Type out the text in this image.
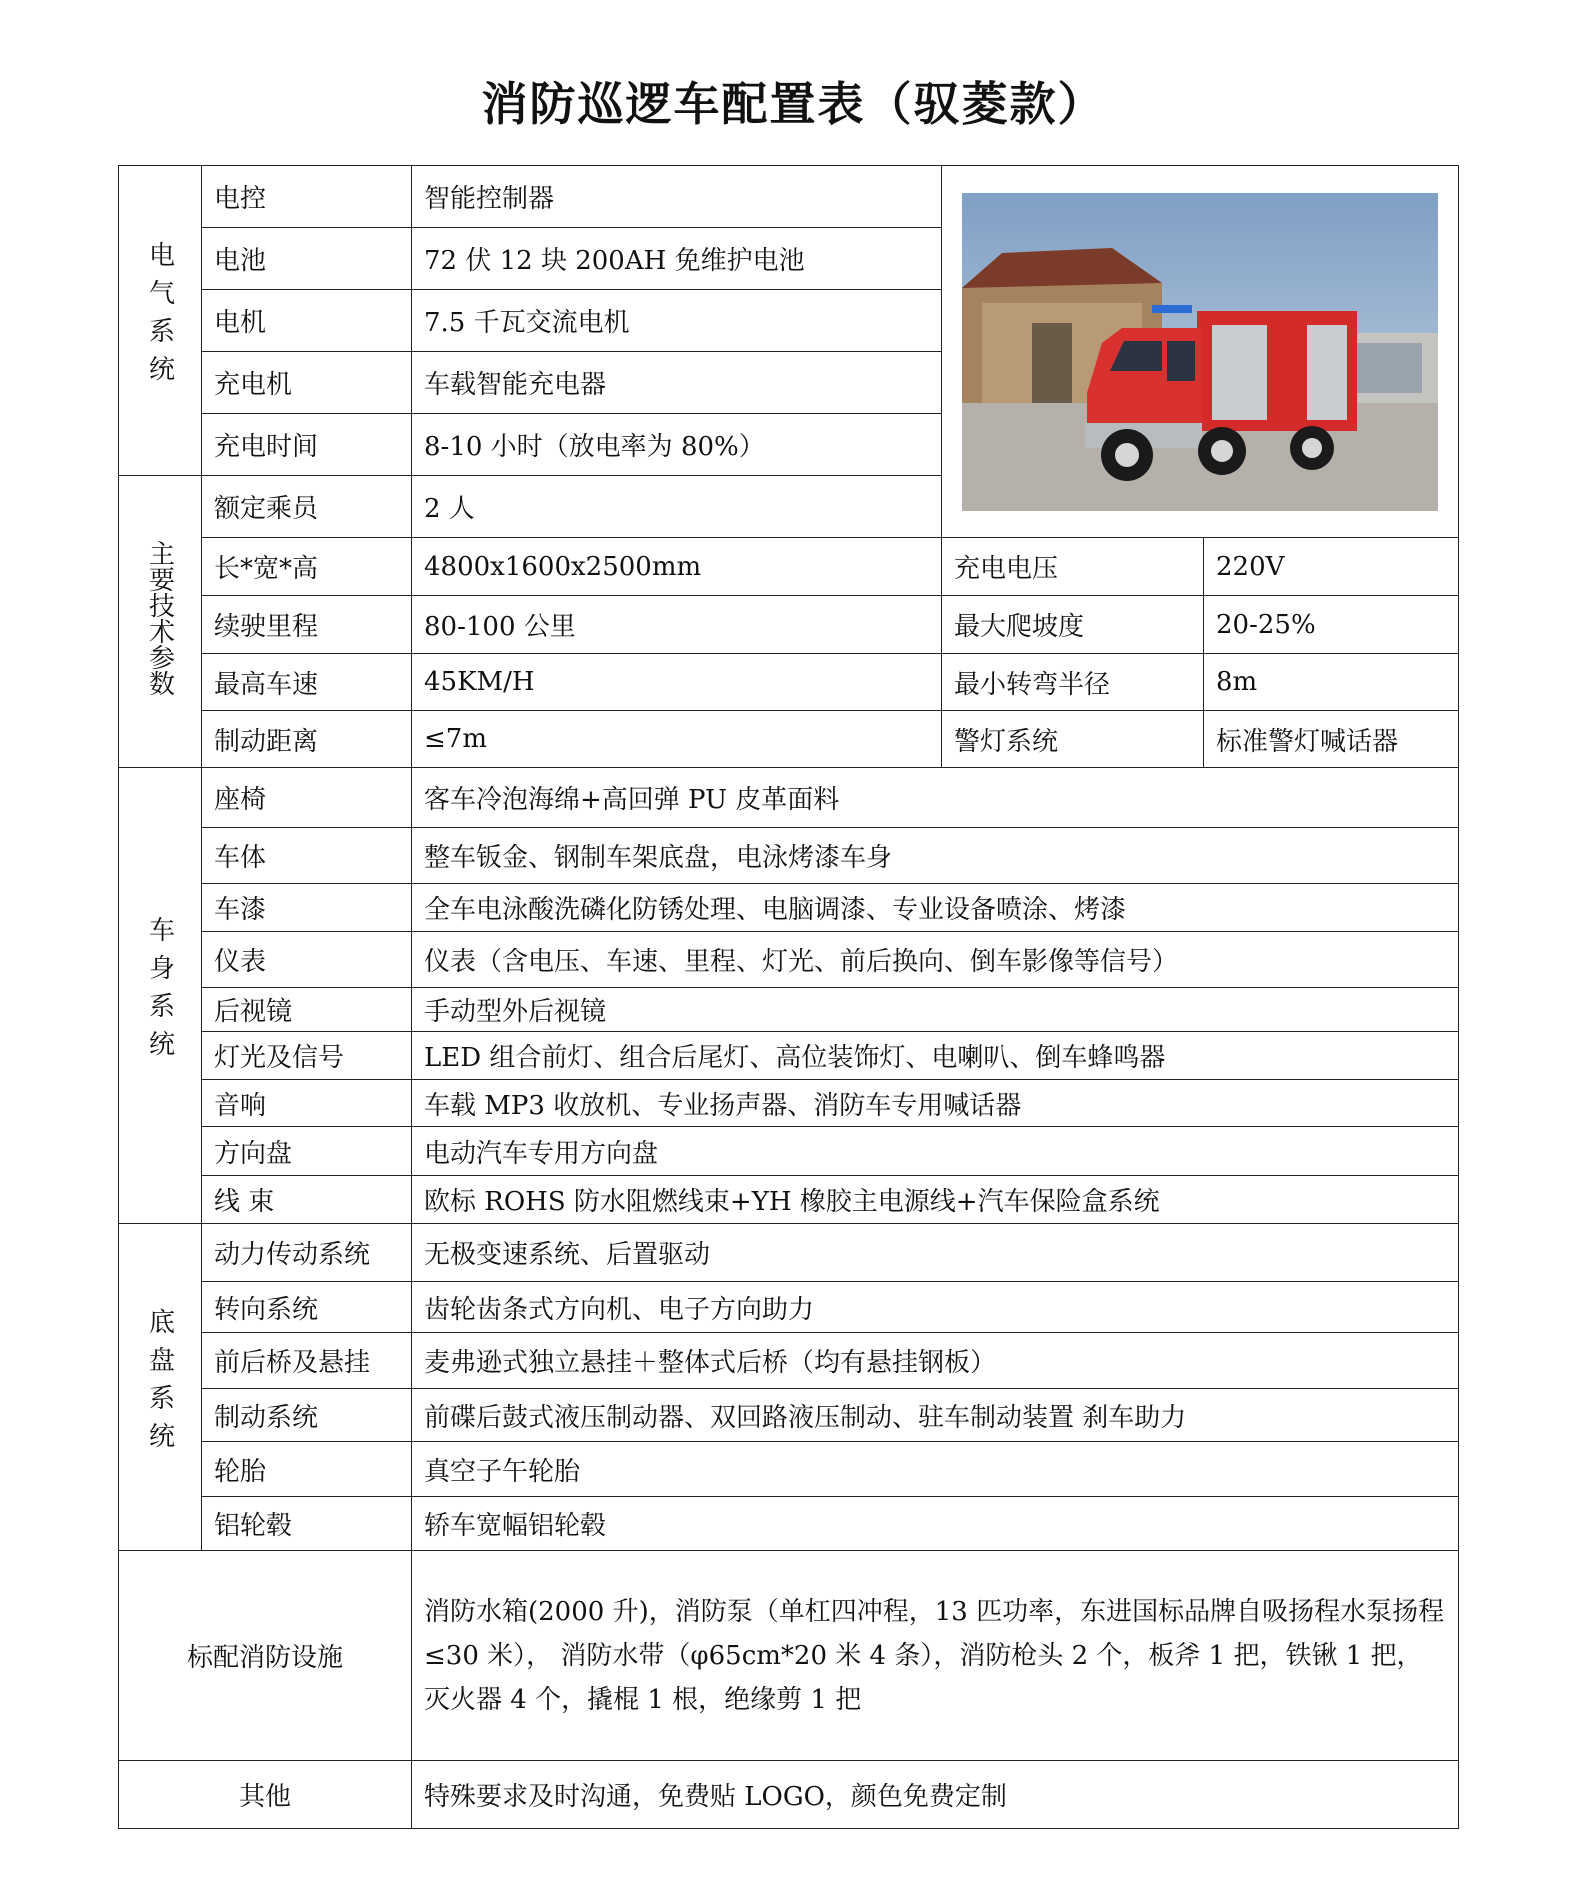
消防巡逻车配置表（驭菱款）
电气系统	电控	智能控制器	

	电池	72 伏 12 块 200AH 免维护电池		
	电机	7.5 千瓦交流电机		
	充电机	车载智能充电器		
	充电时间	8-10 小时（放电率为 80%）		
主要技术参数	额定乘员	2 人		
	长*宽*高	4800x1600x2500mm	充电电压	220V
	续驶里程	80-100 公里	最大爬坡度	20-25%
	最高车速	45KM/H	最小转弯半径	8m
	制动距离	≤7m	警灯系统	标准警灯喊话器
车身系统	座椅	客车冷泡海绵+高回弹 PU 皮革面料		
	车体	整车钣金、钢制车架底盘，电泳烤漆车身		
	车漆	全车电泳酸洗磷化防锈处理、电脑调漆、专业设备喷涂、烤漆		
	仪表	仪表（含电压、车速、里程、灯光、前后换向、倒车影像等信号）		
	后视镜	手动型外后视镜		
	灯光及信号	LED 组合前灯、组合后尾灯、高位装饰灯、电喇叭、倒车蜂鸣器		
	音响	车载 MP3 收放机、专业扬声器、消防车专用喊话器		
	方向盘	电动汽车专用方向盘		
	线 束	欧标 ROHS 防水阻燃线束+YH 橡胶主电源线+汽车保险盒系统		
底盘系统	动力传动系统	无极变速系统、后置驱动		
	转向系统	齿轮齿条式方向机、电子方向助力		
	前后桥及悬挂	麦弗逊式独立悬挂＋整体式后桥（均有悬挂钢板）		
	制动系统	前碟后鼓式液压制动器、双回路液压制动、驻车制动装置 刹车助力		
	轮胎	真空子午轮胎		
	铝轮毂	轿车宽幅铝轮毂		
标配消防设施		消防水箱(2000 升)，消防泵（单杠四冲程，13 匹功率，东进国标品牌自吸扬程水泵扬程≤30 米）， 消防水带（φ65cm*20 米 4 条），消防枪头 2 个，板斧 1 把，铁锹 1 把，灭火器 4 个，撬棍 1 根，绝缘剪 1 把		
其他		特殊要求及时沟通，免费贴 LOGO，颜色免费定制		
